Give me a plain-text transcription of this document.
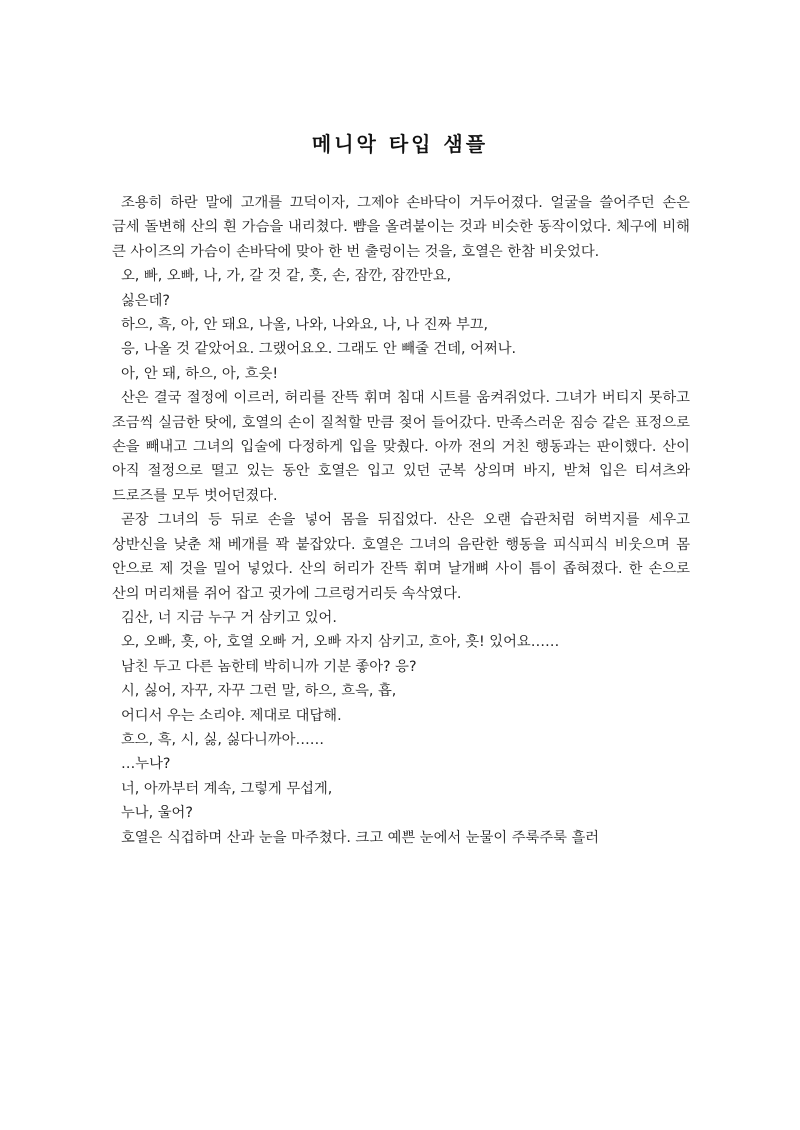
메니악 타입 샘플

조용히 하란 말에 고개를 끄덕이자, 그제야 손바닥이 거두어졌다. 얼굴을 쓸어주던 손은 금세 돌변해 산의 흰 가슴을 내리쳤다. 뺨을 올려붙이는 것과 비슷한 동작이었다. 체구에 비해 큰 사이즈의 가슴이 손바닥에 맞아 한 번 출렁이는 것을, 호열은 한참 비웃었다.

오, 빠, 오빠, 나, 가, 갈 것 같, 흣, 손, 잠깐, 잠깐만요,

싫은데?

하으, 흑, 아, 안 돼요, 나올, 나와, 나와요, 나, 나 진짜 부끄,

응, 나올 것 같았어요. 그랬어요오. 그래도 안 빼줄 건데, 어쩌나.

아, 안 돼, 하으, 아, 흐읏!

산은 결국 절정에 이르러, 허리를 잔뜩 휘며 침대 시트를 움켜쥐었다. 그녀가 버티지 못하고 조금씩 실금한 탓에, 호열의 손이 질척할 만큼 젖어 들어갔다. 만족스러운 짐승 같은 표정으로 손을 빼내고 그녀의 입술에 다정하게 입을 맞췄다. 아까 전의 거친 행동과는 판이했다. 산이 아직 절정으로 떨고 있는 동안 호열은 입고 있던 군복 상의며 바지, 받쳐 입은 티셔츠와 드로즈를 모두 벗어던졌다.

곧장 그녀의 등 뒤로 손을 넣어 몸을 뒤집었다. 산은 오랜 습관처럼 허벅지를 세우고 상반신을 낮춘 채 베개를 꽉 붙잡았다. 호열은 그녀의 음란한 행동을 피식피식 비웃으며 몸 안으로 제 것을 밀어 넣었다. 산의 허리가 잔뜩 휘며 날개뼈 사이 틈이 좁혀졌다. 한 손으로 산의 머리채를 쥐어 잡고 귓가에 그르렁거리듯 속삭였다.

김산, 너 지금 누구 거 삼키고 있어.

오, 오빠, 흣, 아, 호열 오빠 거, 오빠 자지 삼키고, 흐아, 흣! 있어요……

남친 두고 다른 놈한테 박히니까 기분 좋아? 응?

시, 싫어, 자꾸, 자꾸 그런 말, 하으, 흐윽, 흡,

어디서 우는 소리야. 제대로 대답해.

흐으, 흑, 시, 싫, 싫다니까아……

…누나?

너, 아까부터 계속, 그렇게 무섭게,

누나, 울어?

호열은 식겁하며 산과 눈을 마주쳤다. 크고 예쁜 눈에서 눈물이 주룩주룩 흘러
